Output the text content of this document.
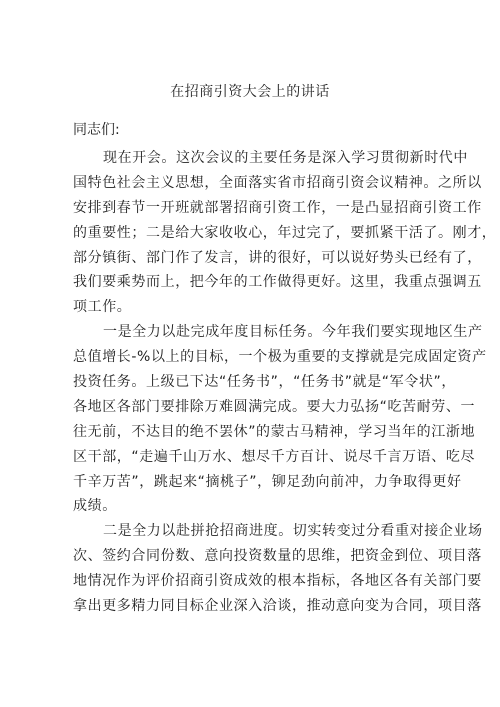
在招商引资大会上的讲话
同志们:
现在开会。这次会议的主要任务是深入学习贯彻新时代中
国特色社会主义思想，全面落实省市招商引资会议精神。之所以
安排到春节一开班就部署招商引资工作，一是凸显招商引资工作
的重要性；二是给大家收收心，年过完了，要抓紧干活了。刚才，
部分镇街、部门作了发言，讲的很好，可以说好势头已经有了，
我们要乘势而上，把今年的工作做得更好。这里，我重点强调五
项工作。
一是全力以赴完成年度目标任务。今年我们要实现地区生产
总值增长-%以上的目标，一个极为重要的支撑就是完成固定资产
投资任务。上级已下达“任务书”，“任务书”就是“军令状”，
各地区各部门要排除万难圆满完成。要大力弘扬“吃苦耐劳、一
往无前，不达目的绝不罢休”的蒙古马精神，学习当年的江浙地
区干部，“走遍千山万水、想尽千方百计、说尽千言万语、吃尽
千辛万苦”，跳起来“摘桃子”，铆足劲向前冲，力争取得更好
成绩。
二是全力以赴拼抢招商进度。切实转变过分看重对接企业场
次、签约合同份数、意向投资数量的思维，把资金到位、项目落
地情况作为评价招商引资成效的根本指标，各地区各有关部门要
拿出更多精力同目标企业深入洽谈，推动意向变为合同，项目落
